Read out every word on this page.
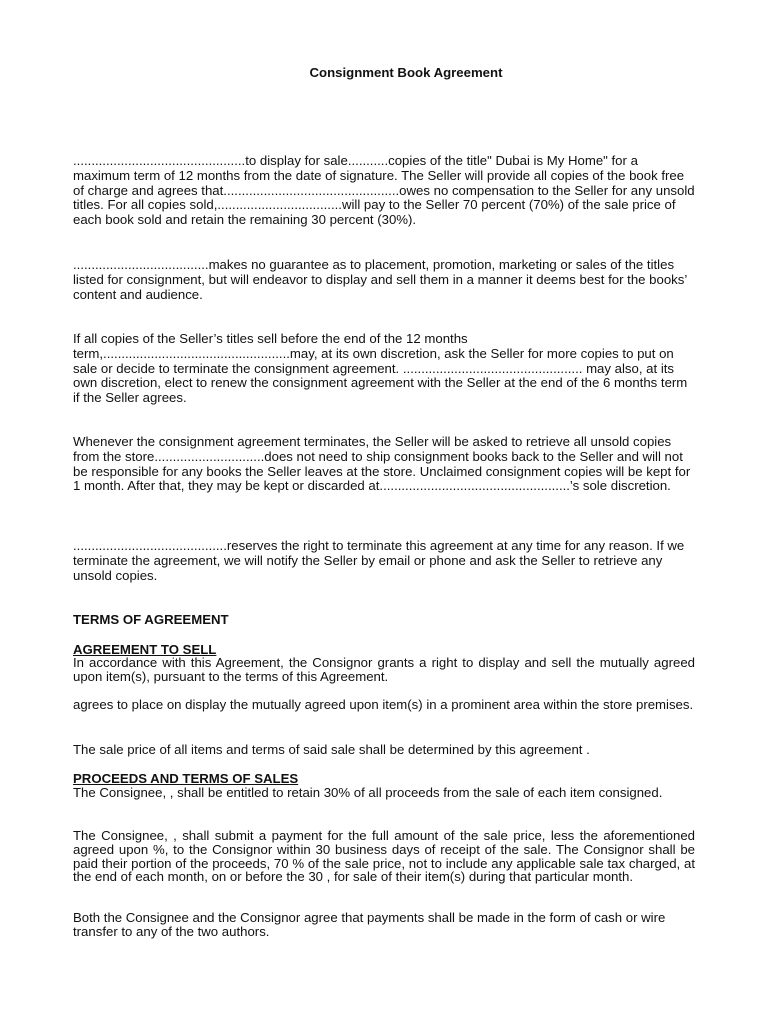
Consignment Book Agreement

...............................................to display for sale...........copies of the title" Dubai is My Home" for a maximum term of 12 months from the date of signature. The Seller will provide all copies of the book free of charge and agrees that................................................owes no compensation to the Seller for any unsold titles. For all copies sold,..................................will pay to the Seller 70 percent (70%) of the sale price of each book sold and retain the remaining 30 percent (30%).

.....................................makes no guarantee as to placement, promotion, marketing or sales of the titles listed for consignment, but will endeavor to display and sell them in a manner it deems best for the books’ content and audience.

If all copies of the Seller’s titles sell before the end of the 12 months term,...................................................may, at its own discretion, ask the Seller for more copies to put on sale or decide to terminate the consignment agreement. ................................................. may also, at its own discretion, elect to renew the consignment agreement with the Seller at the end of the 6 months term if the Seller agrees.

Whenever the consignment agreement terminates, the Seller will be asked to retrieve all unsold copies from the store..............................does not need to ship consignment books back to the Seller and will not be responsible for any books the Seller leaves at the store. Unclaimed consignment copies will be kept for 1 month. After that, they may be kept or discarded at....................................................’s sole discretion.

..........................................reserves the right to terminate this agreement at any time for any reason. If we terminate the agreement, we will notify the Seller by email or phone and ask the Seller to retrieve any unsold copies.

TERMS OF AGREEMENT
AGREEMENT TO SELL

In accordance with this Agreement, the Consignor grants a right to display and sell the mutually agreed upon item(s), pursuant to the terms of this Agreement.

agrees to place on display the mutually agreed upon item(s) in a prominent area within the store premises.

The sale price of all items and terms of said sale shall be determined by this agreement .

PROCEEDS AND TERMS OF SALES

The Consignee, , shall be entitled to retain 30% of all proceeds from the sale of each item consigned.

The Consignee, , shall submit a payment for the full amount of the sale price, less the aforementioned agreed upon %, to the Consignor within 30 business days of receipt of the sale. The Consignor shall be paid their portion of the proceeds, 70 % of the sale price, not to include any applicable sale tax charged, at the end of each month, on or before the 30 , for sale of their item(s) during that particular month.

Both the Consignee and the Consignor agree that payments shall be made in the form of cash or wire transfer to any of the two authors.
